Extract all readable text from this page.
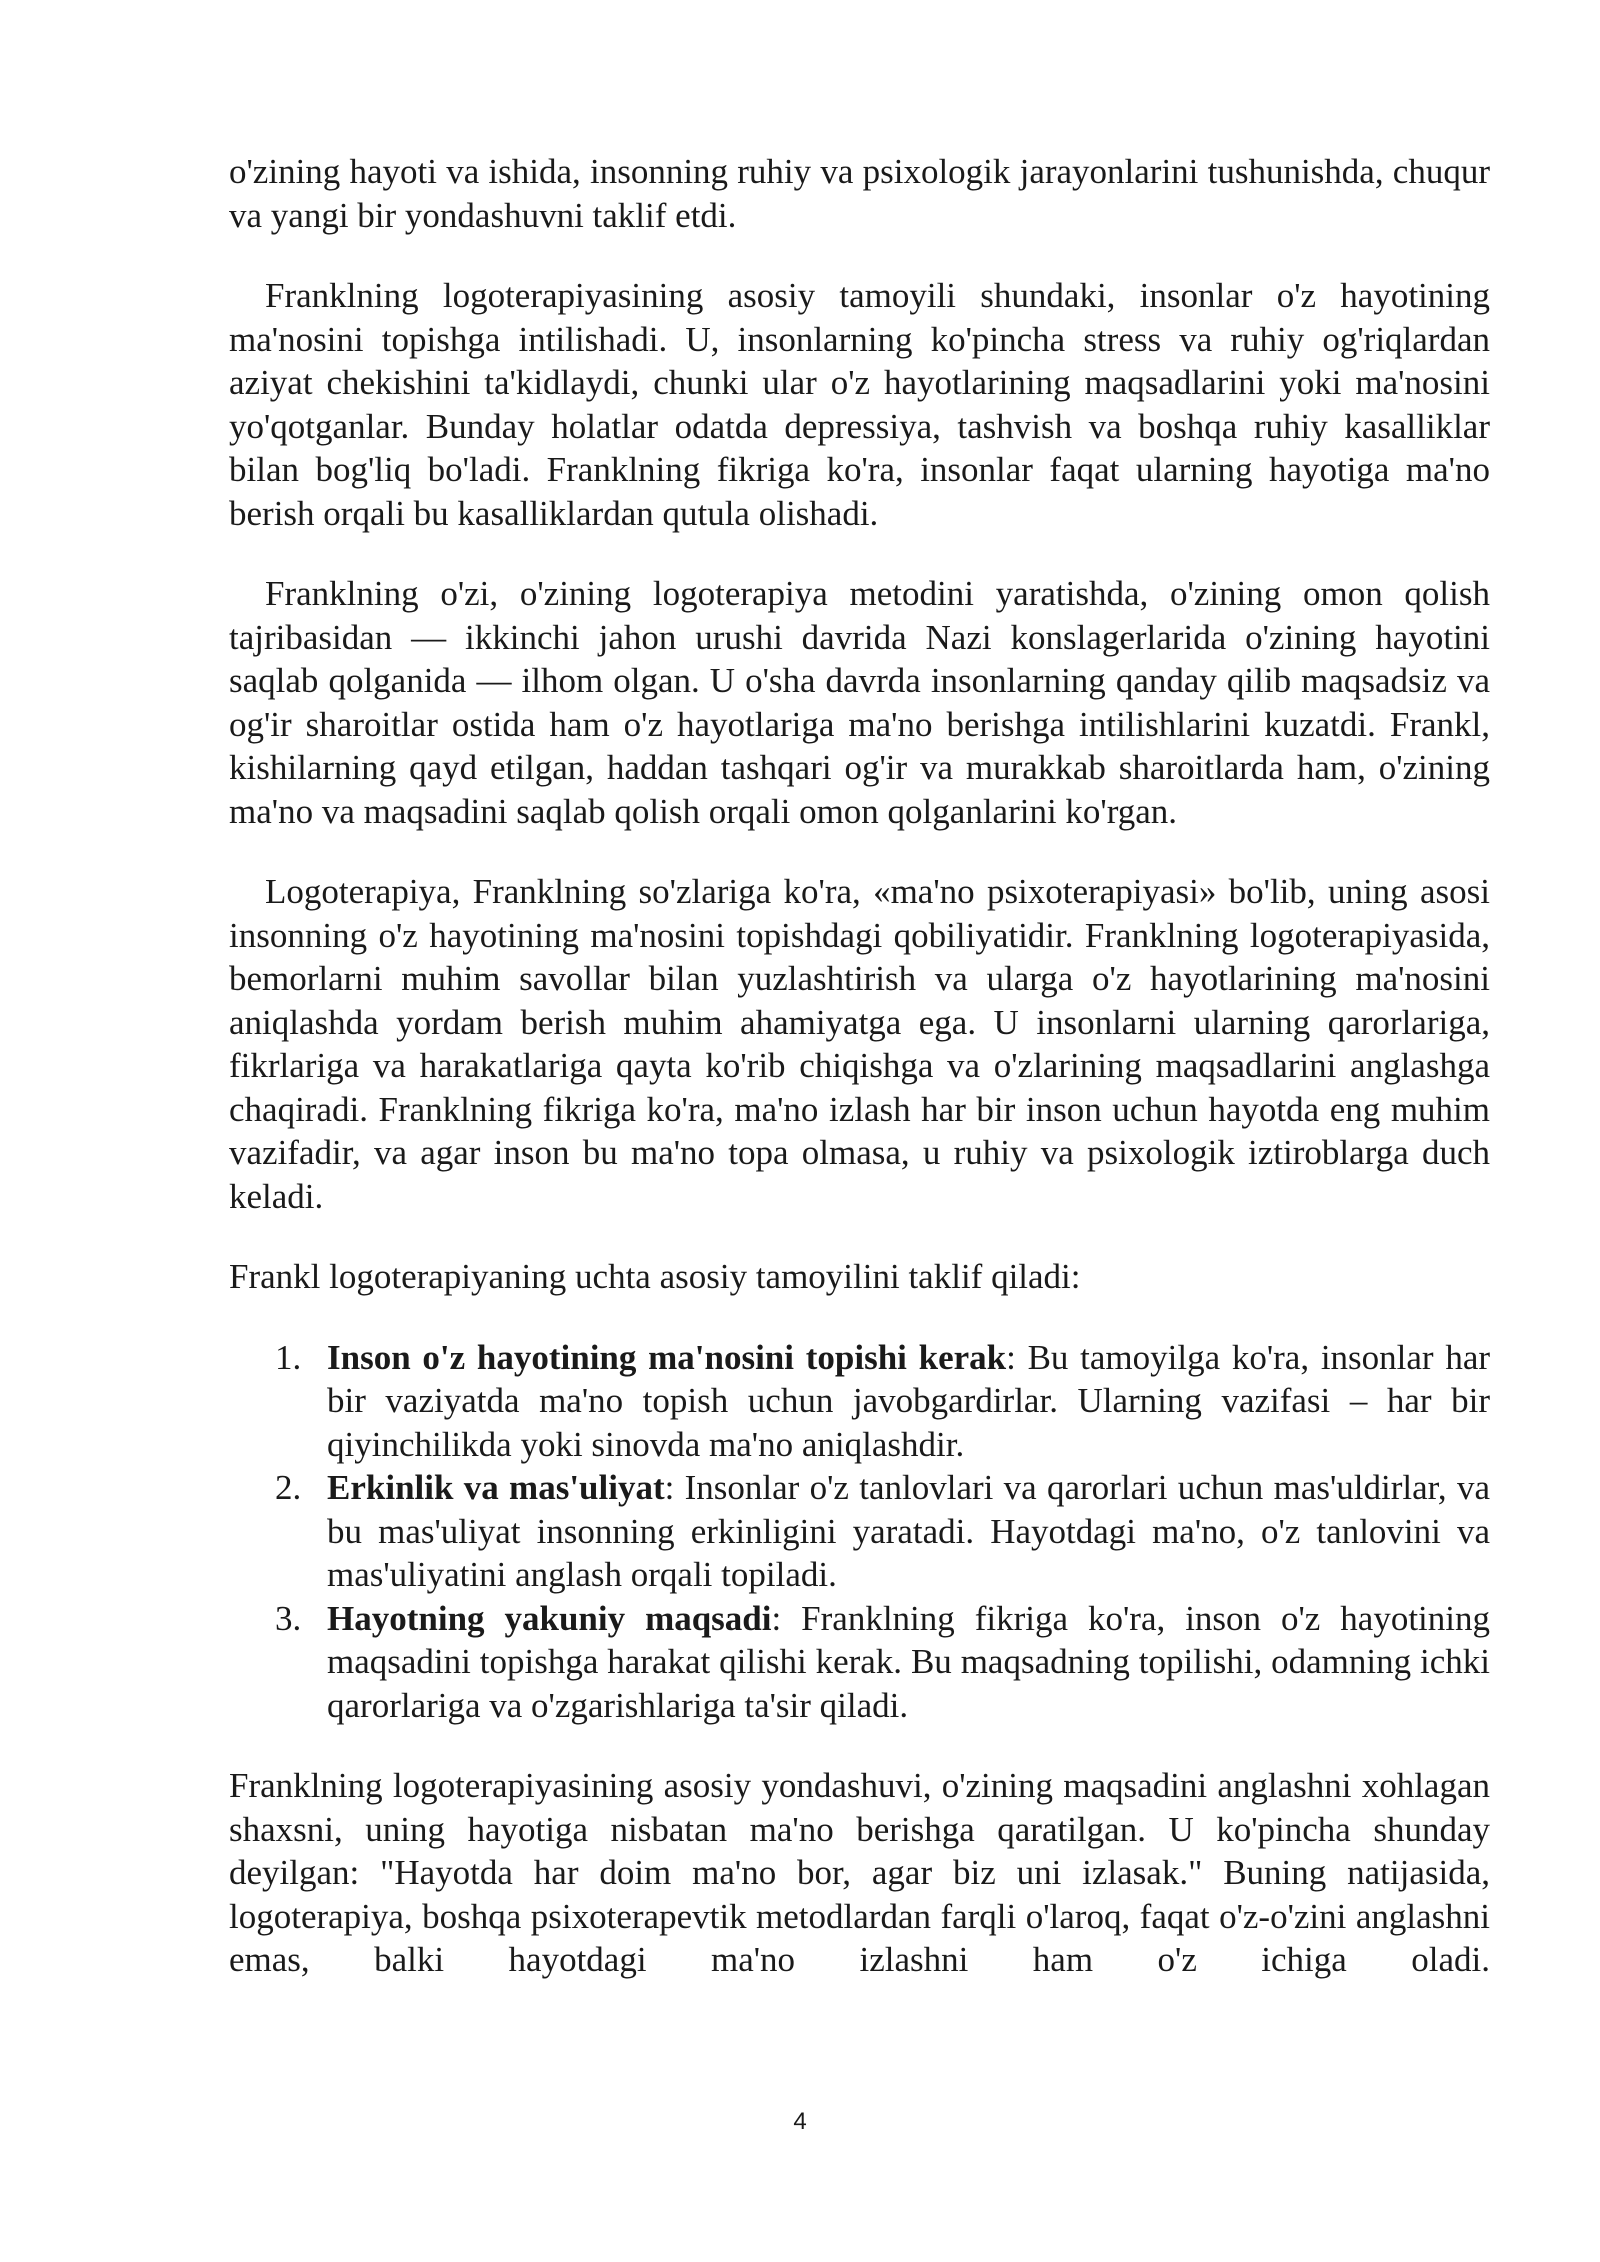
o'zining hayoti va ishida, insonning ruhiy va psixologik jarayonlarini tushunishda, chuqur va yangi bir yondashuvni taklif etdi.

Franklning logoterapiyasining asosiy tamoyili shundaki, insonlar o'z hayotining ma'nosini topishga intilishadi. U, insonlarning ko'pincha stress va ruhiy og'riqlardan aziyat chekishini ta'kidlaydi, chunki ular o'z hayotlarining maqsadlarini yoki ma'nosini yo'qotganlar. Bunday holatlar odatda depressiya, tashvish va boshqa ruhiy kasalliklar bilan bog'liq bo'ladi. Franklning fikriga ko'ra, insonlar faqat ularning hayotiga ma'no berish orqali bu kasalliklardan qutula olishadi.

Franklning o'zi, o'zining logoterapiya metodini yaratishda, o'zining omon qolish tajribasidan — ikkinchi jahon urushi davrida Nazi konslagerlarida o'zining hayotini saqlab qolganida — ilhom olgan. U o'sha davrda insonlarning qanday qilib maqsadsiz va og'ir sharoitlar ostida ham o'z hayotlariga ma'no berishga intilishlarini kuzatdi. Frankl, kishilarning qayd etilgan, haddan tashqari og'ir va murakkab sharoitlarda ham, o'zining ma'no va maqsadini saqlab qolish orqali omon qolganlarini ko'rgan.

Logoterapiya, Franklning so'zlariga ko'ra, «ma'no psixoterapiyasi» bo'lib, uning asosi insonning o'z hayotining ma'nosini topishdagi qobiliyatidir. Franklning logoterapiyasida, bemorlarni muhim savollar bilan yuzlashtirish va ularga o'z hayotlarining ma'nosini aniqlashda yordam berish muhim ahamiyatga ega. U insonlarni ularning qarorlariga, fikrlariga va harakatlariga qayta ko'rib chiqishga va o'zlarining maqsadlarini anglashga chaqiradi. Franklning fikriga ko'ra, ma'no izlash har bir inson uchun hayotda eng muhim vazifadir, va agar inson bu ma'no topa olmasa, u ruhiy va psixologik iztiroblarga duch keladi.

Frankl logoterapiyaning uchta asosiy tamoyilini taklif qiladi:

1. Inson o'z hayotining ma'nosini topishi kerak: Bu tamoyilga ko'ra, insonlar har bir vaziyatda ma'no topish uchun javobgardirlar. Ularning vazifasi – har bir qiyinchilikda yoki sinovda ma'no aniqlashdir.
2. Erkinlik va mas'uliyat: Insonlar o'z tanlovlari va qarorlari uchun mas'uldirlar, va bu mas'uliyat insonning erkinligini yaratadi. Hayotdagi ma'no, o'z tanlovini va mas'uliyatini anglash orqali topiladi.
3. Hayotning yakuniy maqsadi: Franklning fikriga ko'ra, inson o'z hayotining maqsadini topishga harakat qilishi kerak. Bu maqsadning topilishi, odamning ichki qarorlariga va o'zgarishlariga ta'sir qiladi.

Franklning logoterapiyasining asosiy yondashuvi, o'zining maqsadini anglashni xohlagan shaxsni, uning hayotiga nisbatan ma'no berishga qaratilgan. U ko'pincha shunday deyilgan: "Hayotda har doim ma'no bor, agar biz uni izlasak." Buning natijasida, logoterapiya, boshqa psixoterapevtik metodlardan farqli o'laroq, faqat o'z-o'zini anglashni emas, balki hayotdagi ma'no izlashni ham o'z ichiga oladi.

4
